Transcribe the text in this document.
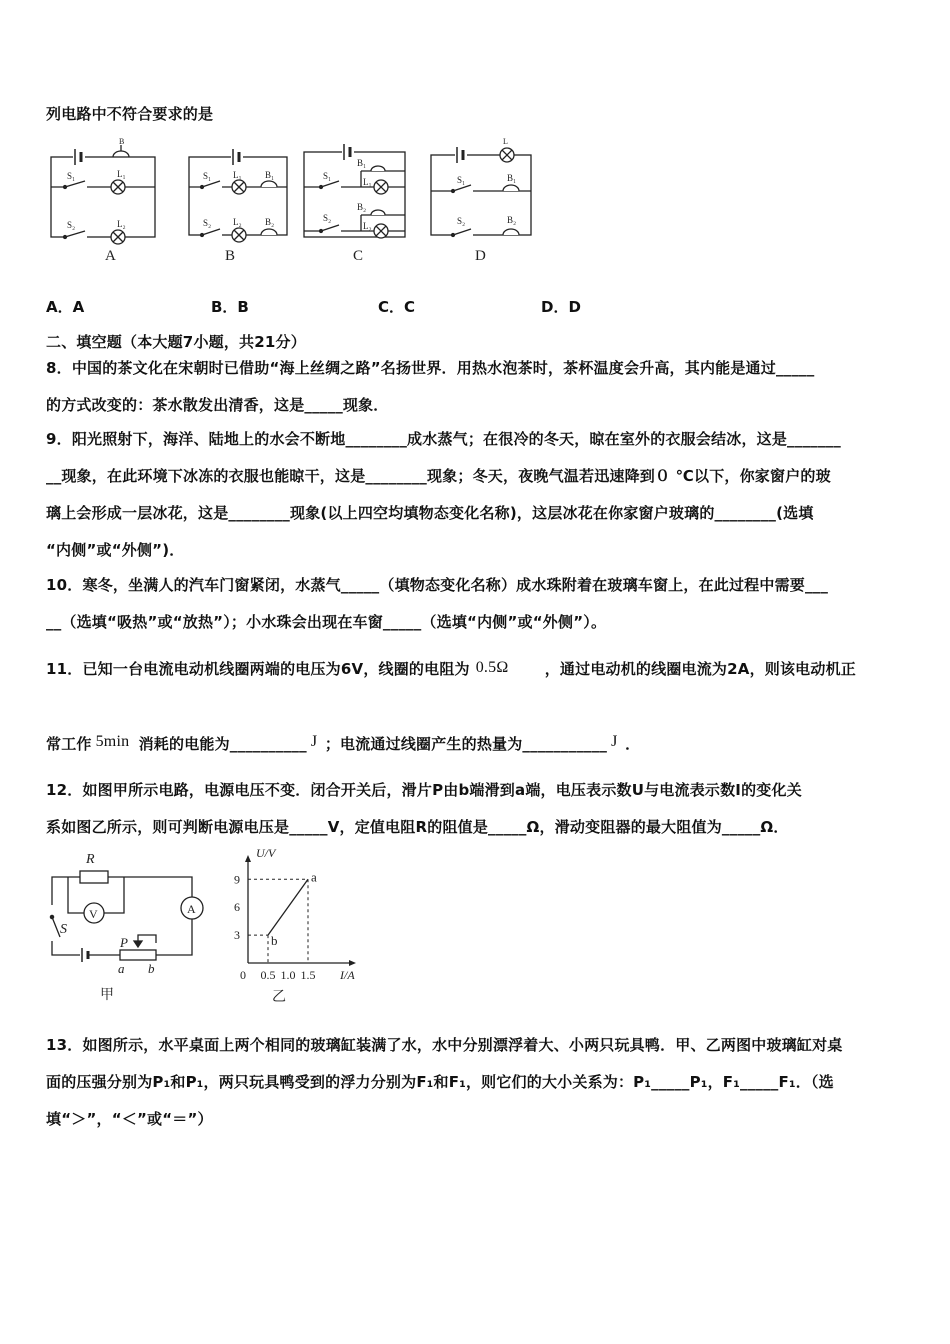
列电路中不符合要求的是
B
S₁	L₁
S₂	L₂
A
S₁ L₁	B₁
S₂ L₂	B₂
B
S₁
B₁
L₁
S₂
B₂
L₂
C
L
S₁	B₁
S₂	B₂
D
A．A	B．B	C．C	D．D
二、填空题（本大题7小题，共21分）
8．中国的茶文化在宋朝时已借助“海上丝绸之路”名扬世界．用热水泡茶时，茶杯温度会升高，其内能是通过_____
的方式改变的：茶水散发出清香，这是_____现象．
9．阳光照射下，海洋、陆地上的水会不断地________成水蒸气；在很冷的冬天，晾在室外的衣服会结冰，这是_______
__现象，在此环境下冰冻的衣服也能晾干，这是________现象；冬天，夜晚气温若迅速降到０ ℃以下，你家窗户的玻
璃上会形成一层冰花，这是________现象(以上四空均填物态变化名称)，这层冰花在你家窗户玻璃的________(选填
“内侧”或“外侧”)．
10．寒冬，坐满人的汽车门窗紧闭，水蒸气_____（填物态变化名称）成水珠附着在玻璃车窗上，在此过程中需要___
__（选填“吸热”或“放热”）；小水珠会出现在车窗_____（选填“内侧”或“外侧”）。
11．已知一台电流电动机线圈两端的电压为6V，线圈的电阻为 0.5Ω ，通过电动机的线圈电流为2A，则该电动机正
常工作 5min 消耗的电能为__________ J ；电流通过线圈产生的热量为___________ J ．
12．如图甲所示电路，电源电压不变．闭合开关后，滑片P由b端滑到a端，电压表示数U与电流表示数I的变化关
系如图乙所示，则可判断电源电压是_____V，定值电阻R的阻值是_____Ω，滑动变阻器的最大阻值为_____Ω．
R
V	A
S
P
a b
甲
a
b
0 0.5 1.0 1.5
3
6
9
U/V
I/A
乙
13．如图所示，水平桌面上两个相同的玻璃缸装满了水，水中分别漂浮着大、小两只玩具鸭．甲、乙两图中玻璃缸对桌
面的压强分别为P₁和P₁，两只玩具鸭受到的浮力分别为F₁和F₁，则它们的大小关系为：P₁_____P₁，F₁_____F₁．（选
填“＞”，“＜”或“＝”）
